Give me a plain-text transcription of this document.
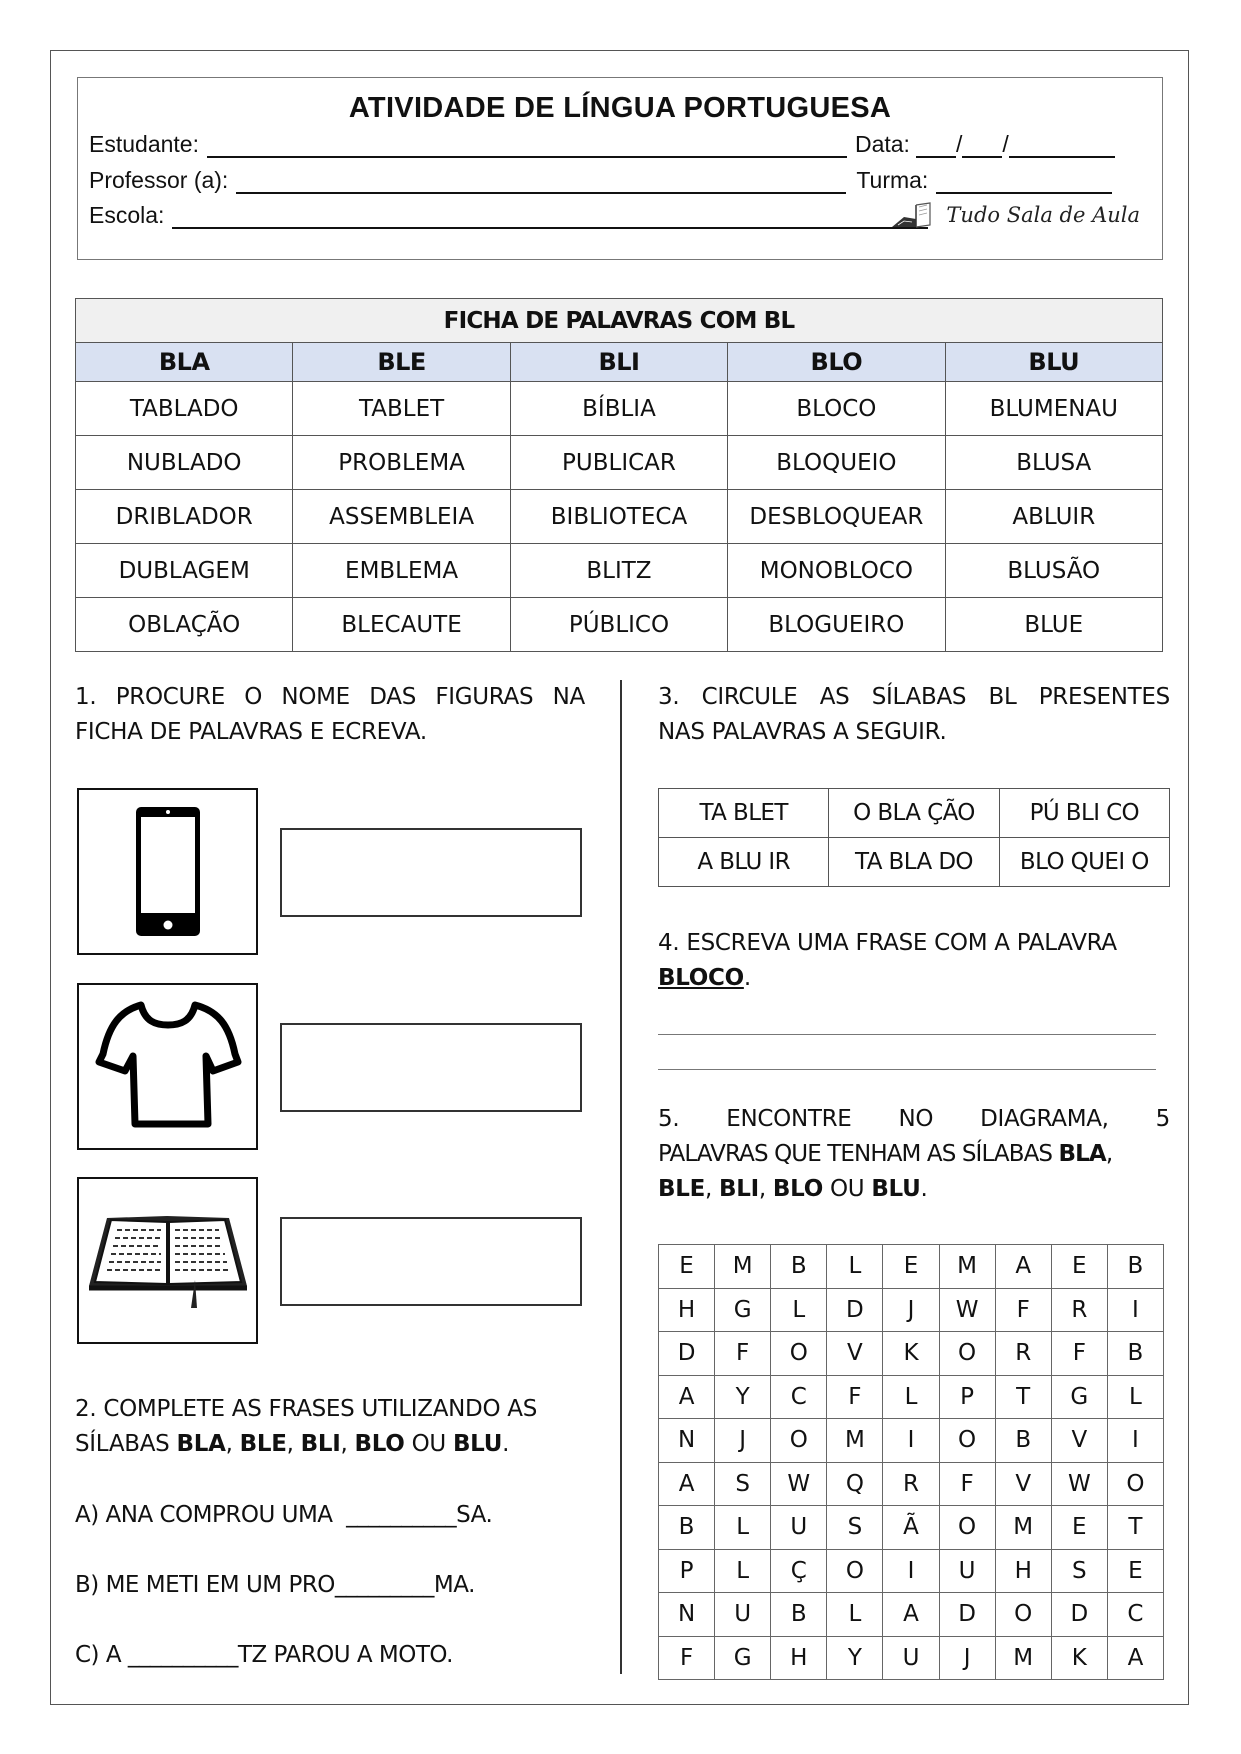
ATIVIDADE DE LÍNGUA PORTUGUESA
Estudante:	Data:	/ /
Professor (a):	Turma:
Escola:	Tudo Sala de Aula
FICHA DE PALAVRAS COM BL				
BLA	BLE	BLI	BLO	BLU
TABLADO	TABLET	BÍBLIA	BLOCO	BLUMENAU
NUBLADO	PROBLEMA	PUBLICAR	BLOQUEIO	BLUSA
DRIBLADOR	ASSEMBLEIA	BIBLIOTECA	DESBLOQUEAR	ABLUIR
DUBLAGEM	EMBLEMA	BLITZ	MONOBLOCO	BLUSÃO
OBLAÇÃO	BLECAUTE	PÚBLICO	BLOGUEIRO	BLUE
1. PROCURE O NOME DAS FIGURAS NA
FICHA DE PALAVRAS E ECREVA.
2. COMPLETE AS FRASES UTILIZANDO AS
SÍLABAS BLA, BLE, BLI, BLO OU BLU.
A) ANA COMPROU UMA  __________SA.
B) ME METI EM UM PRO_________MA.
C) A __________TZ PAROU A MOTO.
3. CIRCULE AS SÍLABAS BL PRESENTES
NAS PALAVRAS A SEGUIR.
TA BLET	O BLA ÇÃO	PÚ BLI CO
A BLU IR	TA BLA DO	BLO QUEI O
4. ESCREVA UMA FRASE COM A PALAVRA
BLOCO.
5. ENCONTRE NO DIAGRAMA, 5
PALAVRAS QUE TENHAM AS SÍLABAS BLA,
BLE, BLI, BLO OU BLU.
E	M	B	L	E	M	A	E	B
H	G	L	D	J	W	F	R	I
D	F	O	V	K	O	R	F	B
A	Y	C	F	L	P	T	G	L
N	J	O	M	I	O	B	V	I
A	S	W	Q	R	F	V	W	O
B	L	U	S	Ã	O	M	E	T
P	L	Ç	O	I	U	H	S	E
N	U	B	L	A	D	O	D	C
F	G	H	Y	U	J	M	K	A
